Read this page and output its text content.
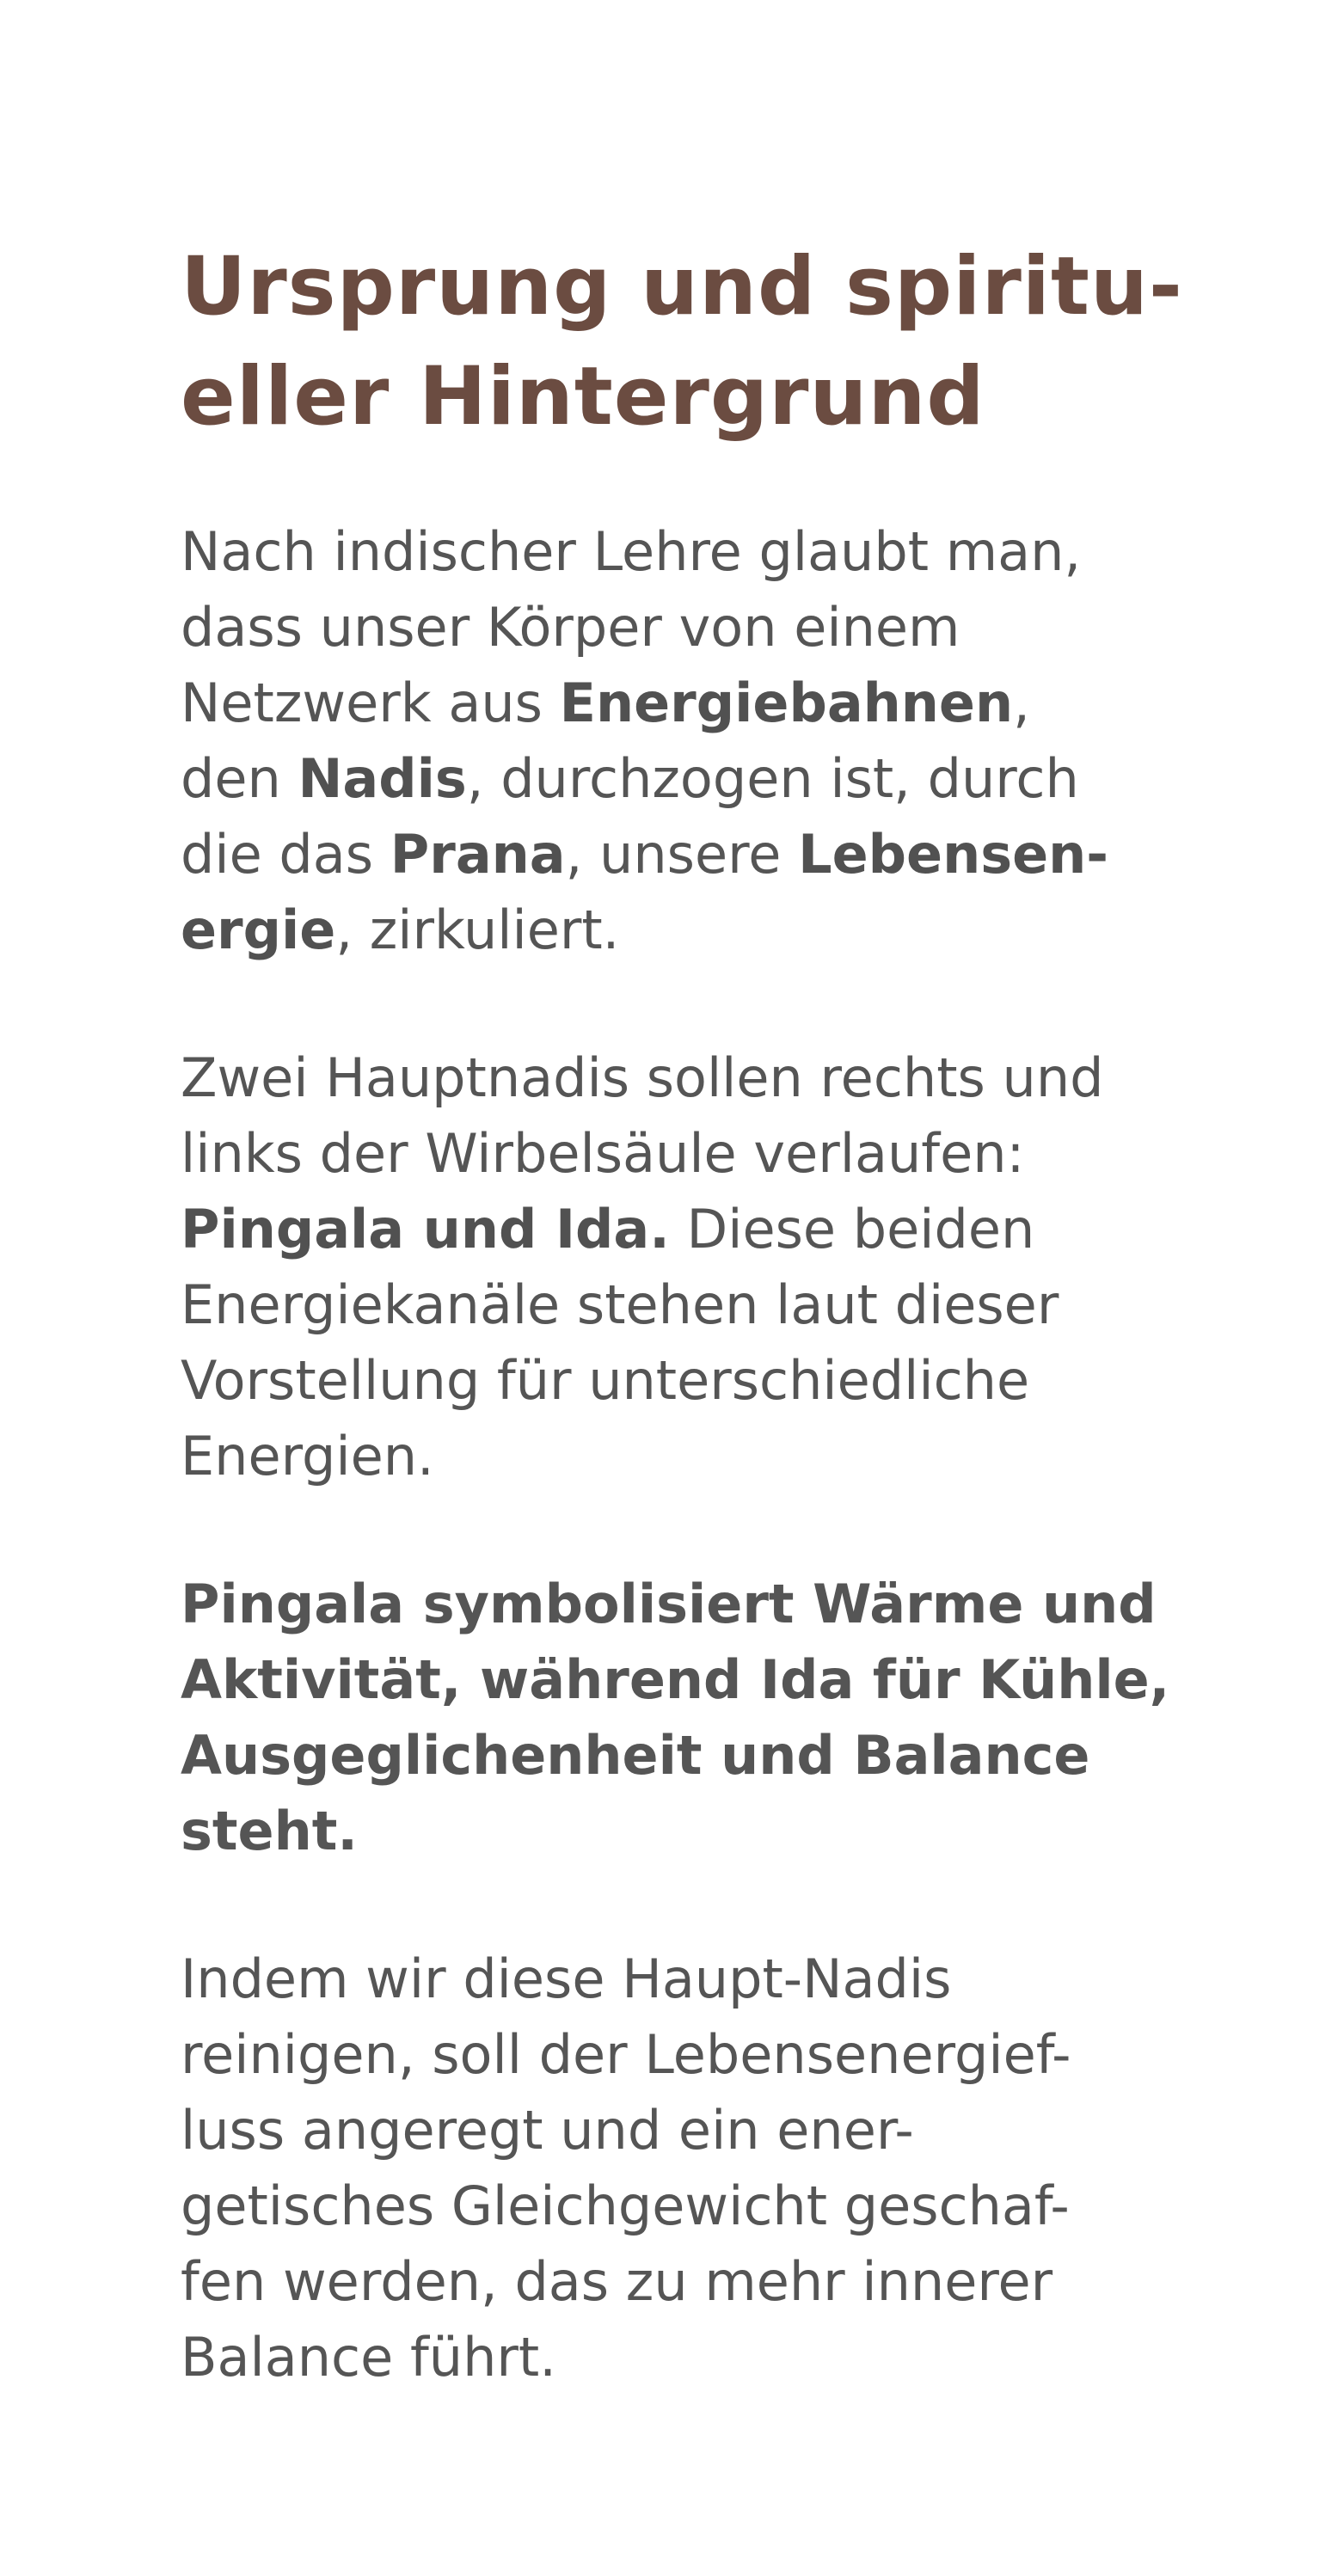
Ursprung und spiritu-
eller Hintergrund

Nach indischer Lehre glaubt man,
dass unser Körper von einem
Netzwerk aus Energiebahnen,
den Nadis, durchzogen ist, durch
die das Prana, unsere Lebensen-
ergie, zirkuliert.

Zwei Hauptnadis sollen rechts und
links der Wirbelsäule verlaufen:
Pingala und Ida. Diese beiden
Energiekanäle stehen laut dieser
Vorstellung für unterschiedliche
Energien.

Pingala symbolisiert Wärme und
Aktivität, während Ida für Kühle,
Ausgeglichenheit und Balance
steht.

Indem wir diese Haupt-Nadis
reinigen, soll der Lebensenergief-
luss angeregt und ein ener-
getisches Gleichgewicht geschaf-
fen werden, das zu mehr innerer
Balance führt.
